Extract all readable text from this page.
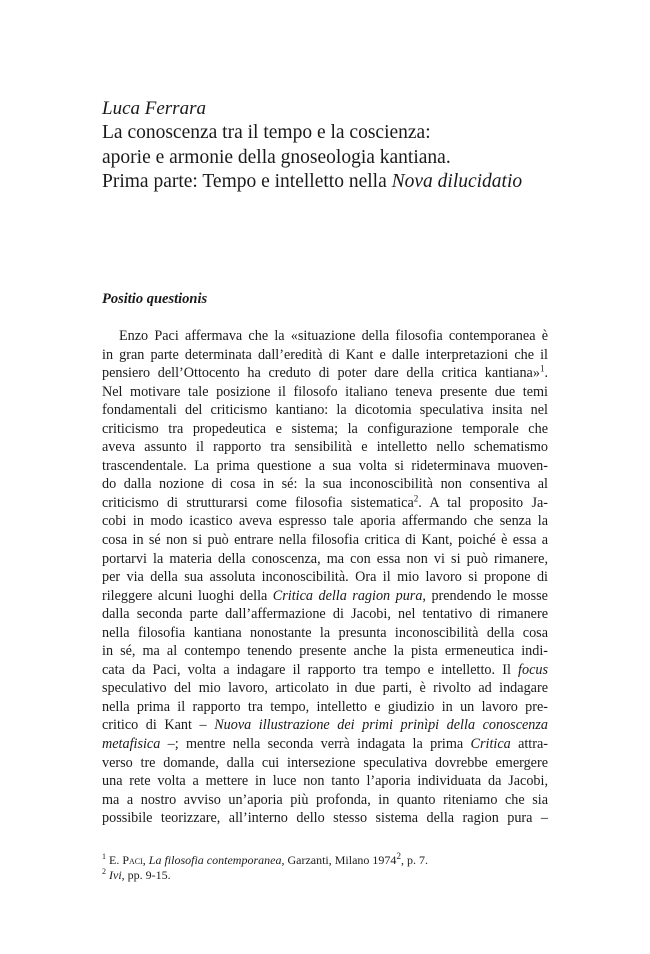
Luca Ferrara
La conoscenza tra il tempo e la coscienza:
aporie e armonie della gnoseologia kantiana.
Prima parte: Tempo e intelletto nella Nova dilucidatio
Positio questionis
Enzo Paci affermava che la «situazione della filosofia contemporanea è
in gran parte determinata dall’eredità di Kant e dalle interpretazioni che il
pensiero dell’Ottocento ha creduto di poter dare della critica kantiana»$^1$.
Nel motivare tale posizione il filosofo italiano teneva presente due temi
fondamentali del criticismo kantiano: la dicotomia speculativa insita nel
criticismo tra propedeutica e sistema; la configurazione temporale che
aveva assunto il rapporto tra sensibilità e intelletto nello schematismo
trascendentale. La prima questione a sua volta si rideterminava muoven-
do dalla nozione di cosa in sé: la sua inconoscibilità non consentiva al
criticismo di strutturarsi come filosofia sistematica$^2$. A tal proposito Ja-
cobi in modo icastico aveva espresso tale aporia affermando che senza la
cosa in sé non si può entrare nella filosofia critica di Kant, poiché è essa a
portarvi la materia della conoscenza, ma con essa non vi si può rimanere,
per via della sua assoluta inconoscibilità. Ora il mio lavoro si propone di
rileggere alcuni luoghi della Critica della ragion pura, prendendo le mosse
dalla seconda parte dall’affermazione di Jacobi, nel tentativo di rimanere
nella filosofia kantiana nonostante la presunta inconoscibilità della cosa
in sé, ma al contempo tenendo presente anche la pista ermeneutica indi-
cata da Paci, volta a indagare il rapporto tra tempo e intelletto. Il focus
speculativo del mio lavoro, articolato in due parti, è rivolto ad indagare
nella prima il rapporto tra tempo, intelletto e giudizio in un lavoro pre-
critico di Kant – Nuova illustrazione dei primi prinìpi della conoscenza
metafisica –; mentre nella seconda verrà indagata la prima Critica attra-
verso tre domande, dalla cui intersezione speculativa dovrebbe emergere
una rete volta a mettere in luce non tanto l’aporia individuata da Jacobi,
ma a nostro avviso un’aporia più profonda, in quanto riteniamo che sia
possibile teorizzare, all’interno dello stesso sistema della ragion pura –
$^1$ E. Paci, La filosofia contemporanea, Garzanti, Milano 1974$^2$, p. 7.
$^2$ Ivi, pp. 9-15.
